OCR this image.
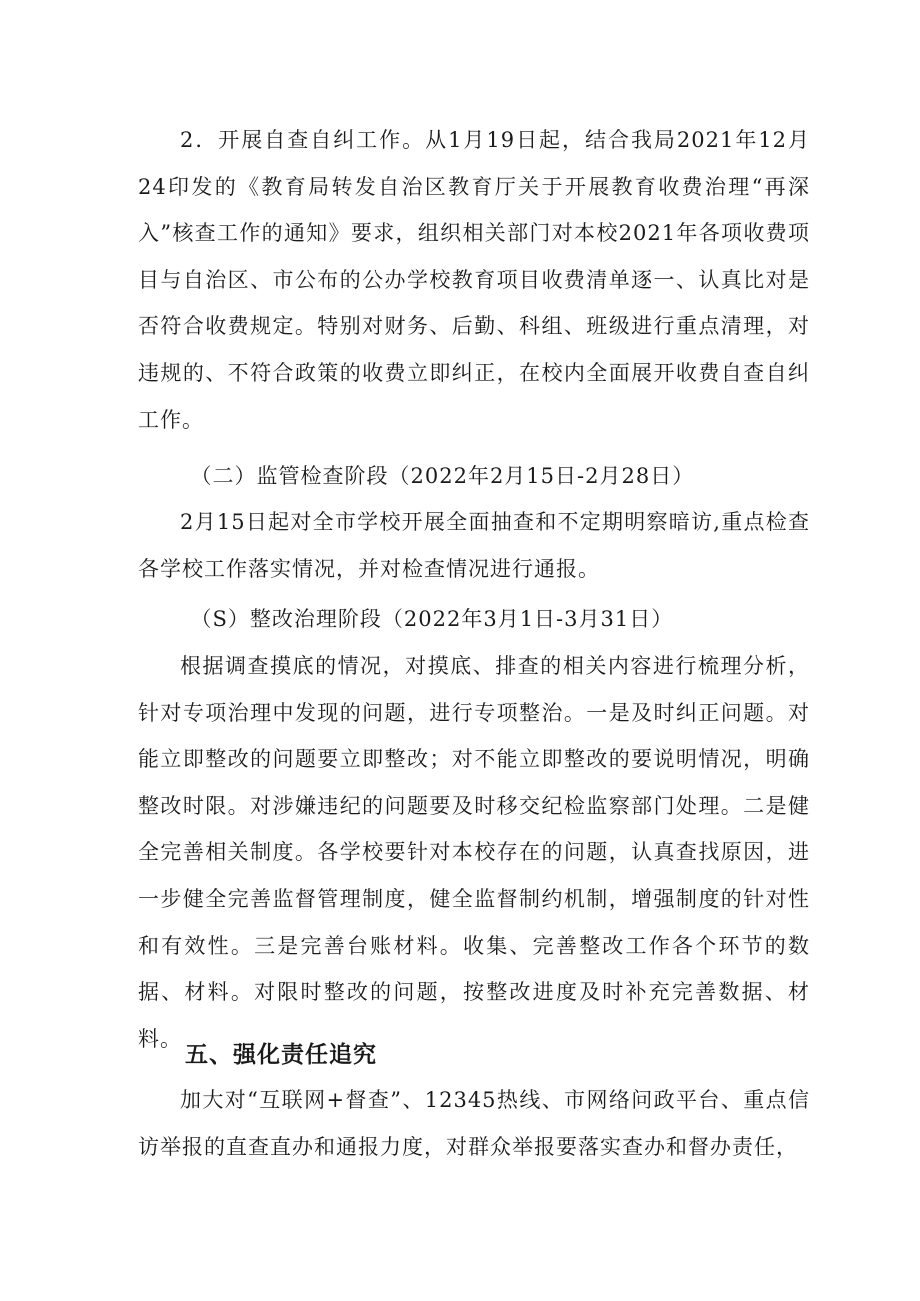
2．开展自查自纠工作。从1月19日起，结合我局2021年12月24印发的《教育局转发自治区教育厅关于开展教育收费治理“再深入”核查工作的通知》要求，组织相关部门对本校2021年各项收费项目与自治区、市公布的公办学校教育项目收费清单逐一、认真比对是否符合收费规定。特别对财务、后勤、科组、班级进行重点清理，对违规的、不符合政策的收费立即纠正，在校内全面展开收费自查自纠工作。

（二）监管检查阶段（2022年2月15日-2月28日）

2月15日起对全市学校开展全面抽查和不定期明察暗访,重点检查各学校工作落实情况，并对检查情况进行通报。

（S）整改治理阶段（2022年3月1日-3月31日）

根据调查摸底的情况，对摸底、排查的相关内容进行梳理分析，针对专项治理中发现的问题，进行专项整治。一是及时纠正问题。对能立即整改的问题要立即整改；对不能立即整改的要说明情况，明确整改时限。对涉嫌违纪的问题要及时移交纪检监察部门处理。二是健全完善相关制度。各学校要针对本校存在的问题，认真查找原因，进一步健全完善监督管理制度，健全监督制约机制，增强制度的针对性和有效性。三是完善台账材料。收集、完善整改工作各个环节的数据、材料。对限时整改的问题，按整改进度及时补充完善数据、材料。

五、强化责任追究

加大对“互联网+督查”、12345热线、市网络问政平台、重点信访举报的直查直办和通报力度，对群众举报要落实查办和督办责任，
